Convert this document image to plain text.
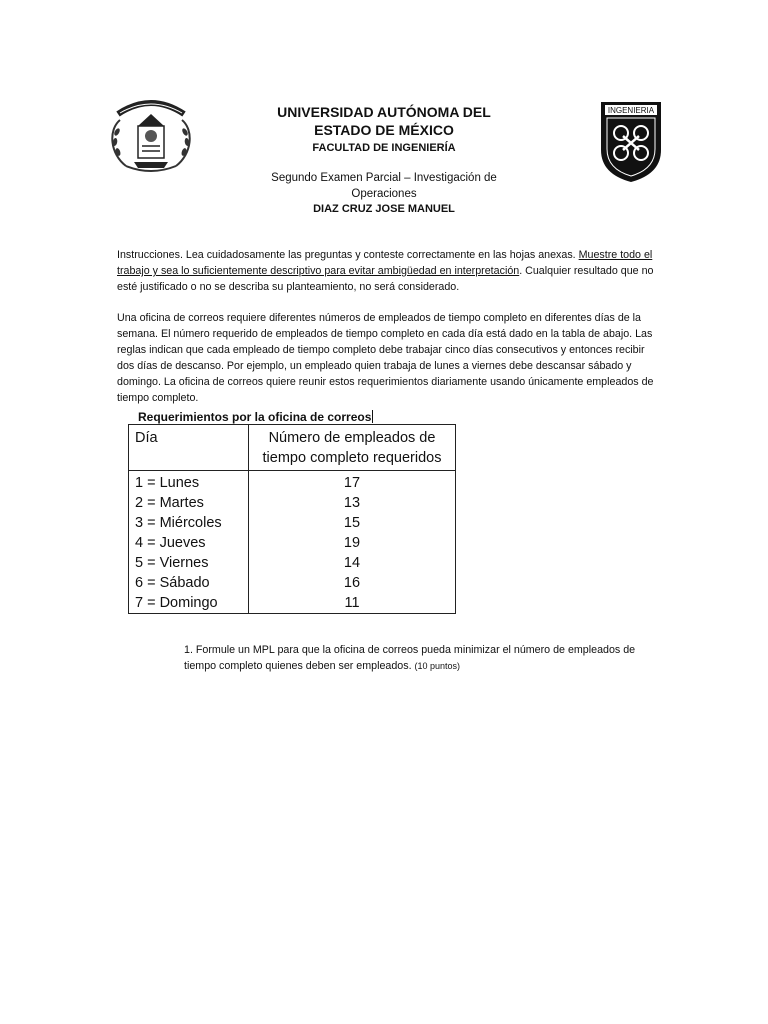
INGENIERIA
UNIVERSIDAD AUTÓNOMA DEL ESTADO DE MÉXICO
FACULTAD DE INGENIERÍA
Segundo Examen Parcial – Investigación de Operaciones
DIAZ CRUZ JOSE MANUEL

Instrucciones. Lea cuidadosamente las preguntas y conteste correctamente en las hojas anexas. Muestre todo el trabajo y sea lo suficientemente descriptivo para evitar ambigüedad en interpretación. Cualquier resultado que no esté justificado o no se describa su planteamiento, no será considerado.

Una oficina de correos requiere diferentes números de empleados de tiempo completo en diferentes días de la semana. El número requerido de empleados de tiempo completo en cada día está dado en la tabla de abajo. Las reglas indican que cada empleado de tiempo completo debe trabajar cinco días consecutivos y entonces recibir dos días de descanso. Por ejemplo, un empleado quien trabaja de lunes a viernes debe descansar sábado y domingo. La oficina de correos quiere reunir estos requerimientos diariamente usando únicamente empleados de tiempo completo.

Requerimientos por la oficina de correos
Día	Número de empleados de tiempo completo requeridos
1 = Lunes	17
2 = Martes	13
3 = Miércoles	15
4 = Jueves	19
5 = Viernes	14
6 = Sábado	16
7 = Domingo	11
1. Formule un MPL para que la oficina de correos pueda minimizar el número de empleados de tiempo completo quienes deben ser empleados. (10 puntos)
